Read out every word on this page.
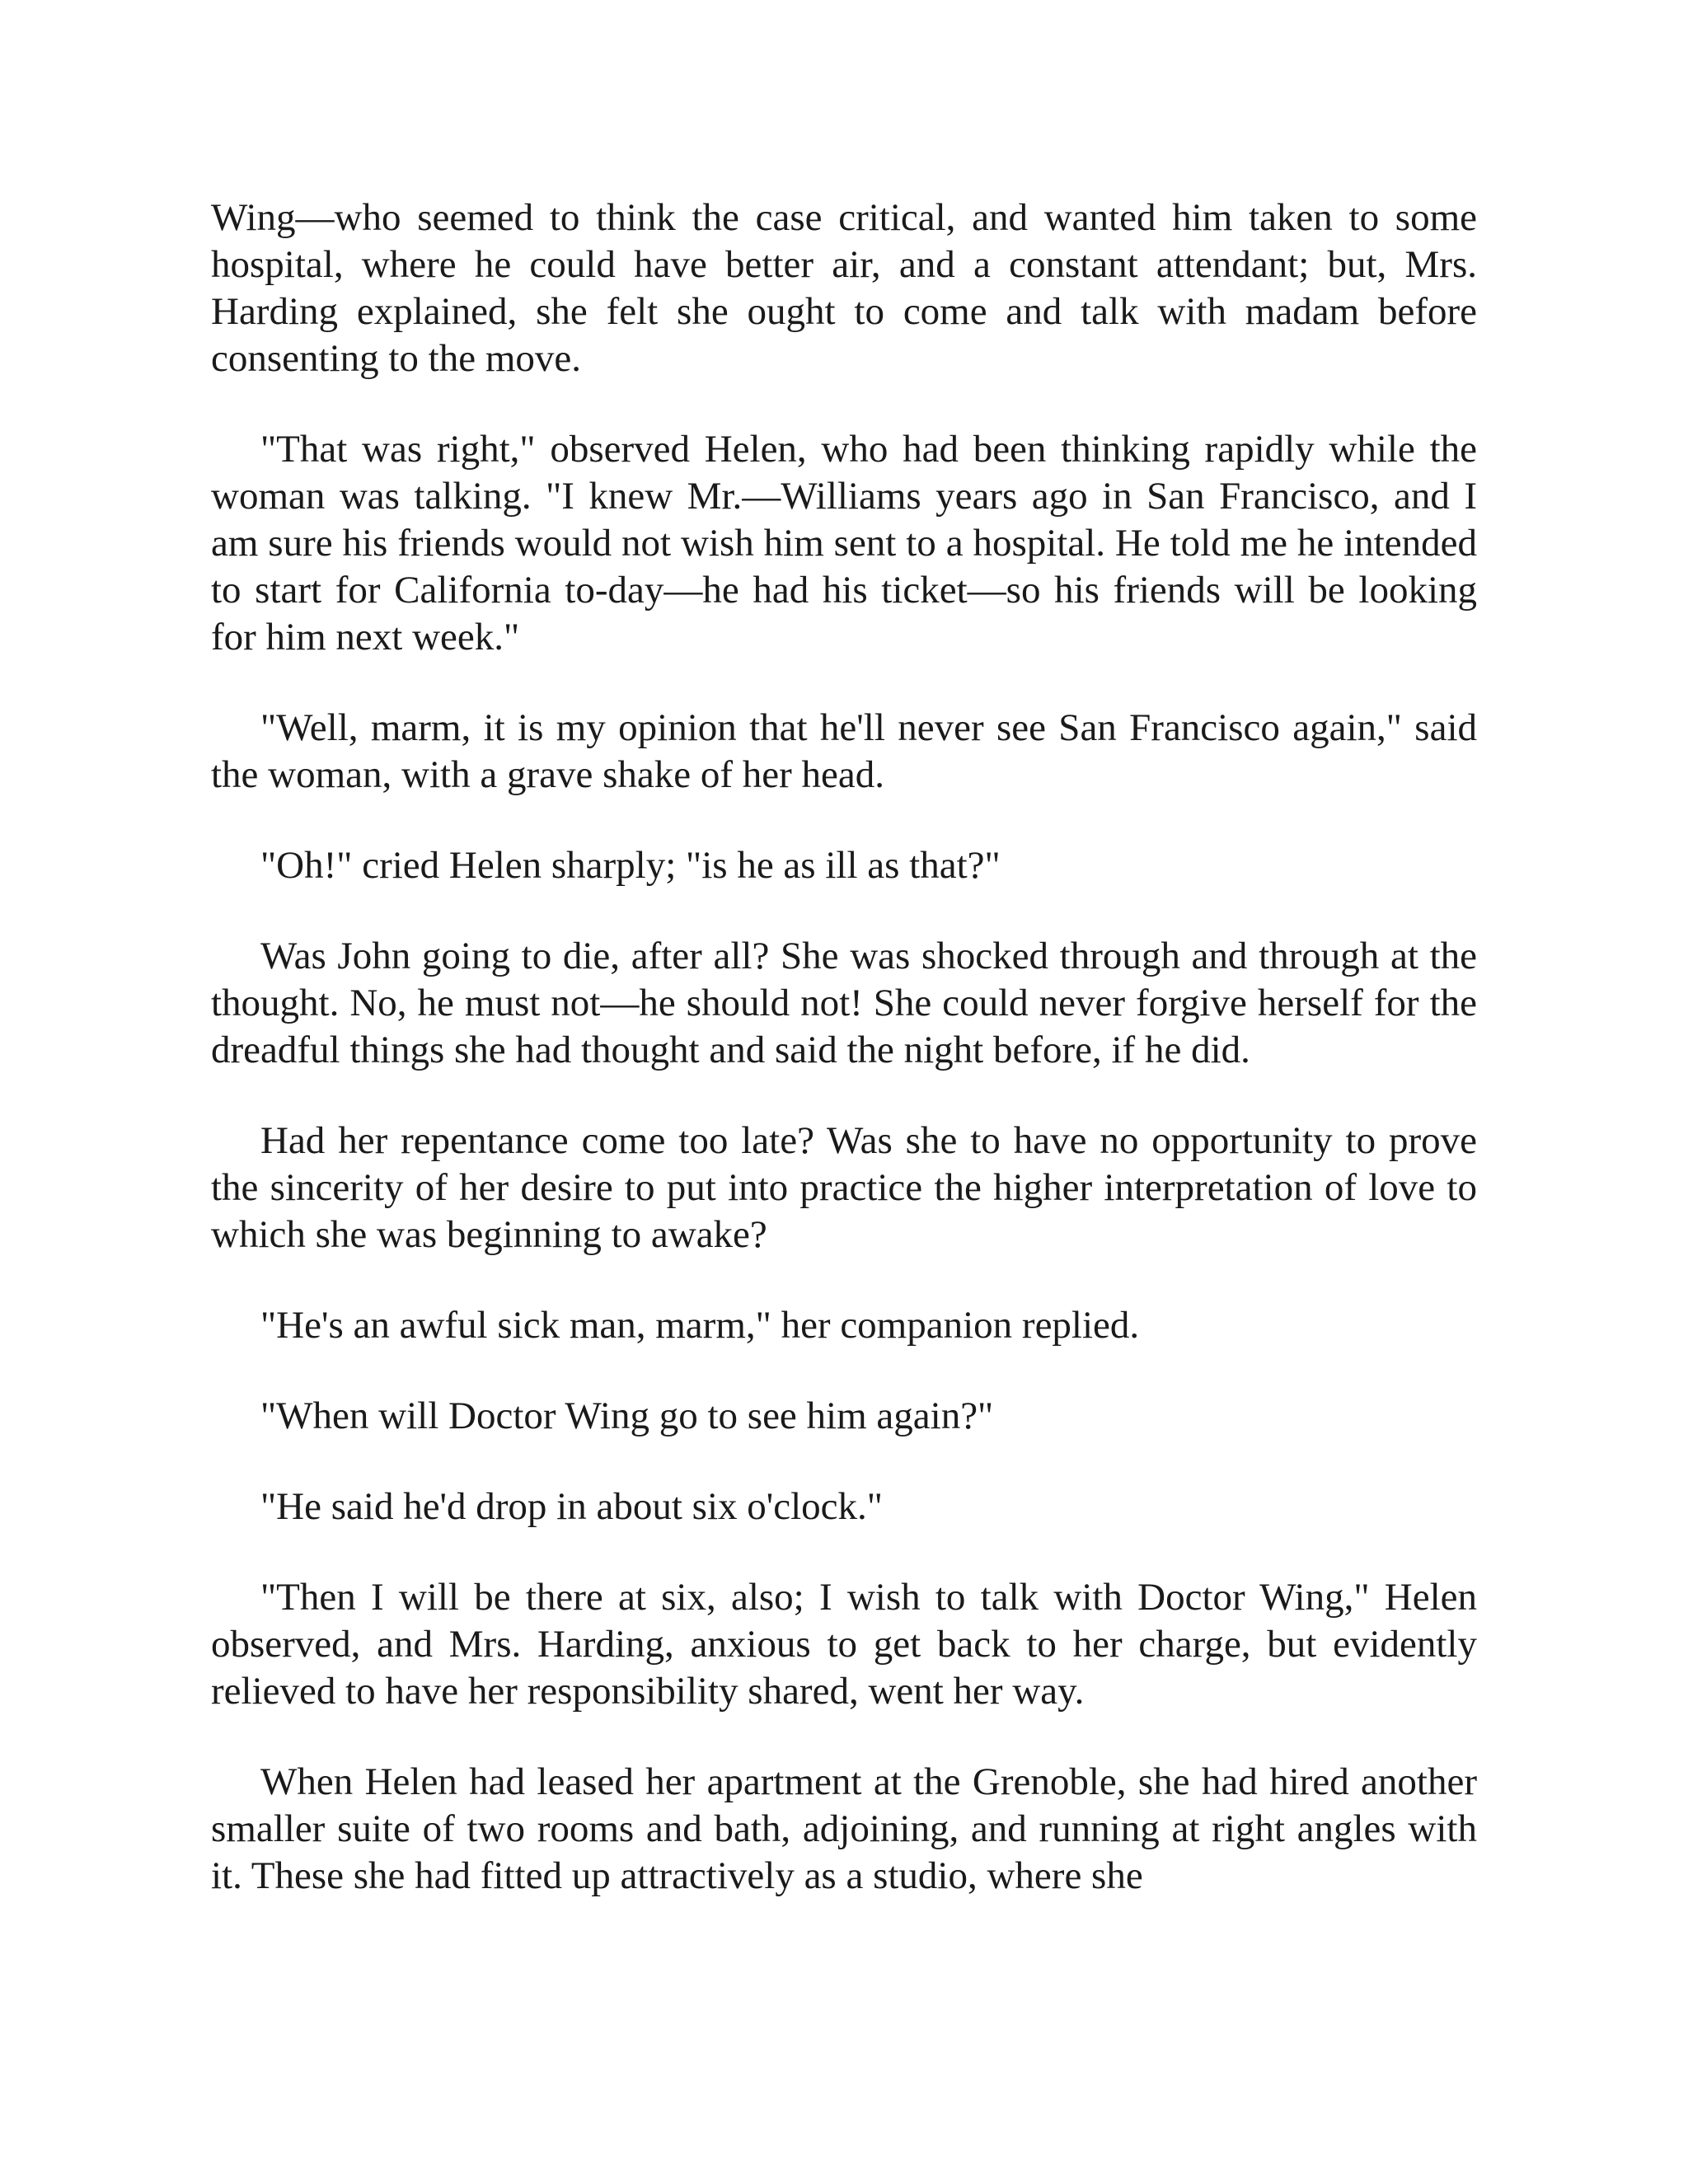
Wing—who seemed to think the case critical, and wanted him taken to some hospital, where he could have better air, and a constant attendant; but, Mrs. Harding explained, she felt she ought to come and talk with madam before consenting to the move.

"That was right," observed Helen, who had been thinking rapidly while the woman was talking. "I knew Mr.—Williams years ago in San Francisco, and I am sure his friends would not wish him sent to a hospital. He told me he intended to start for California to-day—he had his ticket—so his friends will be looking for him next week."

"Well, marm, it is my opinion that he'll never see San Francisco again," said the woman, with a grave shake of her head.

"Oh!" cried Helen sharply; "is he as ill as that?"

Was John going to die, after all? She was shocked through and through at the thought. No, he must not—he should not! She could never forgive herself for the dreadful things she had thought and said the night before, if he did.

Had her repentance come too late? Was she to have no opportunity to prove the sincerity of her desire to put into practice the higher interpretation of love to which she was beginning to awake?

"He's an awful sick man, marm," her companion replied.

"When will Doctor Wing go to see him again?"

"He said he'd drop in about six o'clock."

"Then I will be there at six, also; I wish to talk with Doctor Wing," Helen observed, and Mrs. Harding, anxious to get back to her charge, but evidently relieved to have her responsibility shared, went her way.

When Helen had leased her apartment at the Grenoble, she had hired another smaller suite of two rooms and bath, adjoining, and running at right angles with it. These she had fitted up attractively as a studio, where she
